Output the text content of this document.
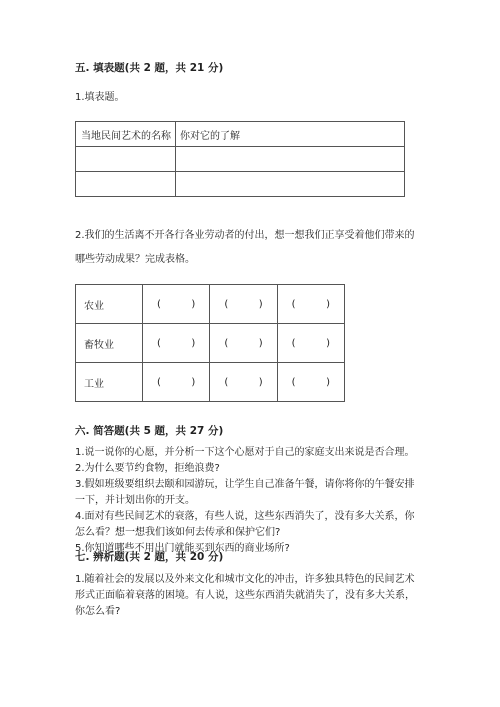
五. 填表题(共 2 题，共 21 分)
1.填表题。
当地民间艺术的名称	你对它的了解

2.我们的生活离不开各行各业劳动者的付出，想一想我们正享受着他们带来的
哪些劳动成果？完成表格。
农业	( )	( )	( )

畜牧业	( )	( )	( )

工业	( )	( )	( )
六. 简答题(共 5 题，共 27 分)
1.说一说你的心愿，并分析一下这个心愿对于自己的家庭支出来说是否合理。
2.为什么要节约食物，拒绝浪费?
3.假如班级要组织去颐和园游玩，让学生自己准备午餐，请你将你的午餐安排
一下，并计划出你的开支。
4.面对有些民间艺术的衰落，有些人说，这些东西消失了，没有多大关系，你
怎么看？想一想我们该如何去传承和保护它们?
5.你知道哪些不用出门就能买到东西的商业场所?
七. 辨析题(共 2 题，共 20 分)
1.随着社会的发展以及外来文化和城市文化的冲击，许多独具特色的民间艺术
形式正面临着衰落的困境。有人说，这些东西消失就消失了，没有多大关系，
你怎么看?
